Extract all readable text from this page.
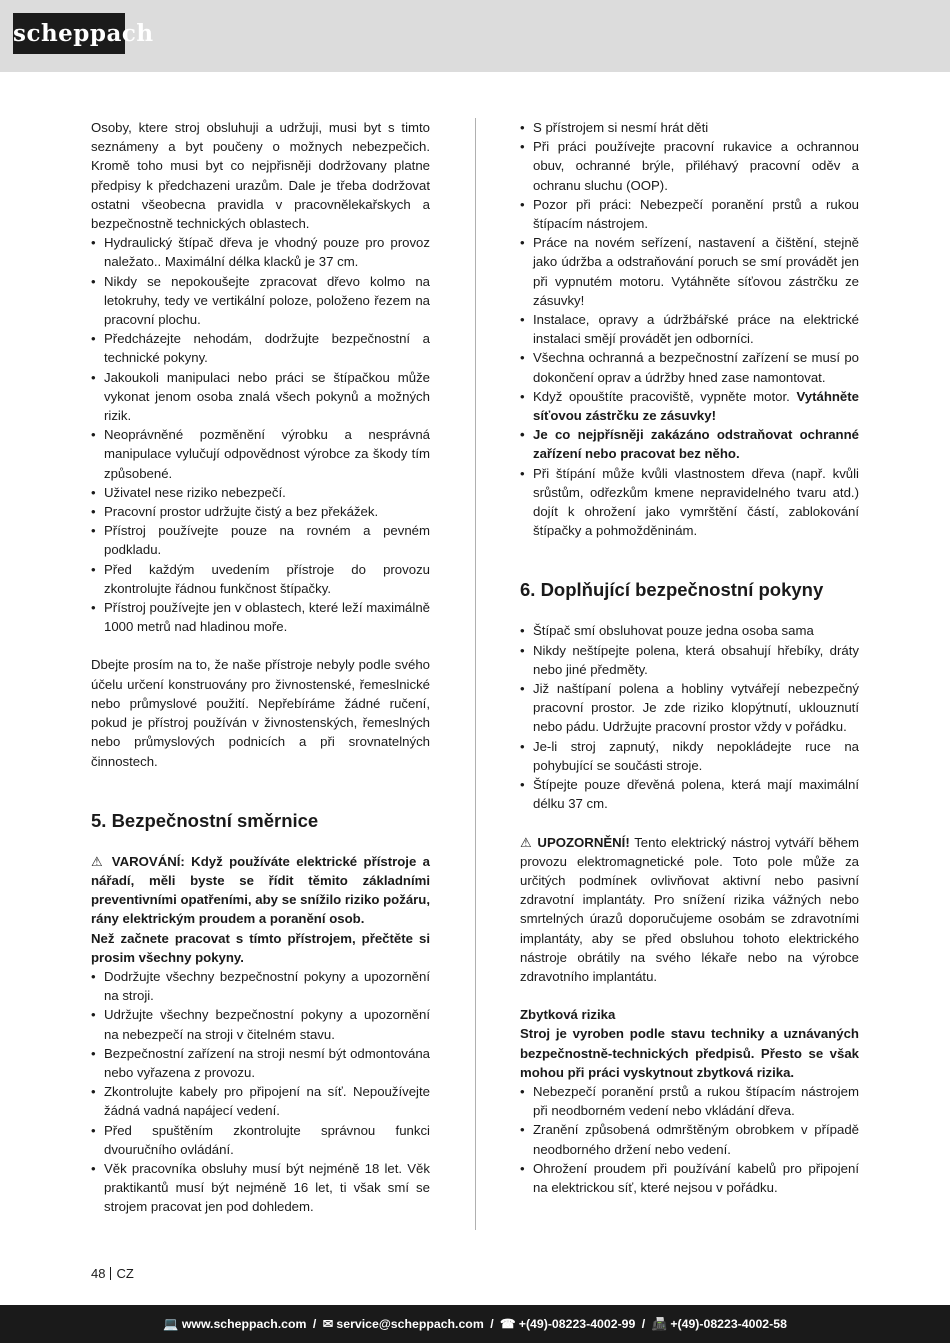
scheppach

Osoby, ktere stroj obsluhuji a udržuji, musi byt s timto seznámeny a byt poučeny o možnych nebezpečich. Kromě toho musi byt co nejpřisněji dodržovany platne předpisy k předchazeni urazům. Dale je třeba dodržovat ostatni všeobecna pravidla v pracovnělekařskych a bezpečnostně technických oblastech.

• Hydraulický štípač dřeva je vhodný pouze pro provoz naležato.. Maximální délka klacků je 37 cm.
• Nikdy se nepokoušejte zpracovat dřevo kolmo na letokruhy, tedy ve vertikální poloze, položeno řezem na pracovní plochu.
• Předcházejte nehodám, dodržujte bezpečnostní a technické pokyny.
• Jakoukoli manipulaci nebo práci se štípačkou může vykonat jenom osoba znalá všech pokynů a možných rizik.
• Neoprávněné pozměnění výrobku a nesprávná manipulace vylučují odpovědnost výrobce za škody tím způsobené.
• Uživatel nese riziko nebezpečí.
• Pracovní prostor udržujte čistý a bez překážek.
• Přístroj používejte pouze na rovném a pevném podkladu.
• Před každým uvedením přístroje do provozu zkontrolujte řádnou funkčnost štípačky.
• Přístroj používejte jen v oblastech, které leží maximálně 1000 metrů nad hladinou moře.

Dbejte prosím na to, že naše přístroje nebyly podle svého účelu určení konstruovány pro živnostenské, řemeslnické nebo průmyslové použití. Nepřebíráme žádné ručení, pokud je přístroj používán v živnostenských, řemeslných nebo průmyslových podnicích a při srovnatelných činnostech.

5. Bezpečnostní směrnice

⚠ VAROVÁNÍ: Když používáte elektrické přístroje a nářadí, měli byste se řídit těmito základními preventivními opatřeními, aby se snížilo riziko požáru, rány elektrickým proudem a poranění osob.

Než začnete pracovat s tímto přístrojem, přečtěte si prosim všechny pokyny.

• Dodržujte všechny bezpečnostní pokyny a upozornění na stroji.
• Udržujte všechny bezpečnostní pokyny a upozornění na nebezpečí na stroji v čitelném stavu.
• Bezpečnostní zařízení na stroji nesmí být odmontována nebo vyřazena z provozu.
• Zkontrolujte kabely pro připojení na síť. Nepoužívejte žádná vadná napájecí vedení.
• Před spuštěním zkontrolujte správnou funkci dvouručního ovládání.
• Věk pracovníka obsluhy musí být nejméně 18 let. Věk praktikantů musí být nejméně 16 let, ti však smí se strojem pracovat jen pod dohledem.
• S přístrojem si nesmí hrát děti
• Při práci používejte pracovní rukavice a ochrannou obuv, ochranné brýle, přiléhavý pracovní oděv a ochranu sluchu (OOP).
• Pozor při práci: Nebezpečí poranění prstů a rukou štípacím nástrojem.
• Práce na novém seřízení, nastavení a čištění, stejně jako údržba a odstraňování poruch se smí provádět jen při vypnutém motoru. Vytáhněte síťovou zástrčku ze zásuvky!
• Instalace, opravy a údržbářské práce na elektrické instalaci smějí provádět jen odborníci.
• Všechna ochranná a bezpečnostní zařízení se musí po dokončení oprav a údržby hned zase namontovat.
• Když opouštíte pracoviště, vypněte motor. Vytáhněte síťovou zástrčku ze zásuvky!
• Je co nejpřísněji zakázáno odstraňovat ochranné zařízení nebo pracovat bez něho.
• Při štípání může kvůli vlastnostem dřeva (např. kvůli srůstům, odřezkům kmene nepravidelného tvaru atd.) dojít k ohrožení jako vymrštění částí, zablokování štípačky a pohmožděninám.
6. Doplňující bezpečnostní pokyny
• Štípač smí obsluhovat pouze jedna osoba sama
• Nikdy neštípejte polena, která obsahují hřebíky, dráty nebo jiné předměty.
• Již naštípaní polena a hobliny vytvářejí nebezpečný pracovní prostor. Je zde riziko klopýtnutí, uklouznutí nebo pádu. Udržujte pracovní prostor vždy v pořádku.
• Je-li stroj zapnutý, nikdy nepokládejte ruce na pohybující se součásti stroje.
• Štípejte pouze dřevěná polena, která mají maximální délku 37 cm.

⚠ UPOZORNĚNÍ! Tento elektrický nástroj vytváří během provozu elektromagnetické pole. Toto pole může za určitých podmínek ovlivňovat aktivní nebo pasivní zdravotní implantáty. Pro snížení rizika vážných nebo smrtelných úrazů doporučujeme osobám se zdravotními implantáty, aby se před obsluhou tohoto elektrického nástroje obrátily na svého lékaře nebo na výrobce zdravotního implantátu.

Zbytková rizika

Stroj je vyroben podle stavu techniky a uznávaných bezpečnostně-technických předpisů. Přesto se však mohou při práci vyskytnout zbytková rizika.

• Nebezpečí poranění prstů a rukou štípacím nástrojem při neodborném vedení nebo vkládání dřeva.
• Zranění způsobená odmrštěným obrobkem v případě neodborného držení nebo vedení.
• Ohrožení proudem při používání kabelů pro připojení na elektrickou síť, které nejsou v pořádku.
48 CZ
💻 www.scheppach.com / ✉ service@scheppach.com / ☎ +(49)-08223-4002-99 / 📠 +(49)-08223-4002-58
